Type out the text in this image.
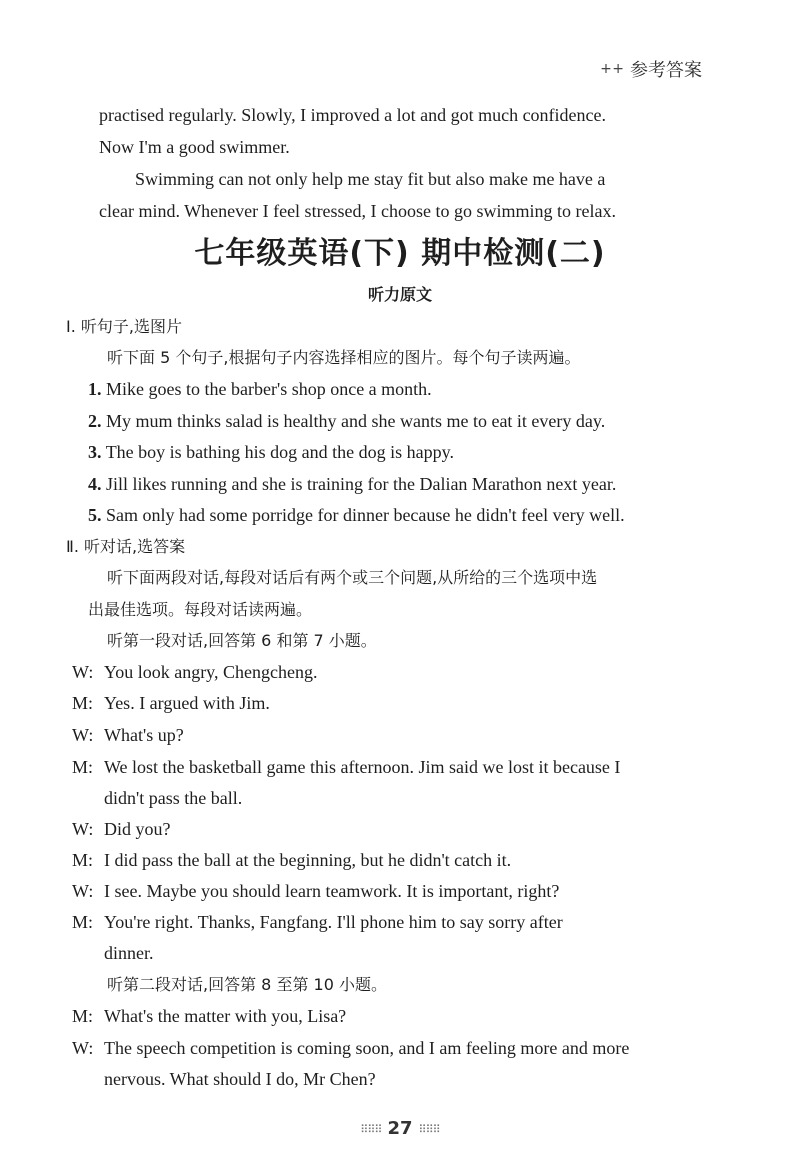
+ + 参考答案
practised regularly. Slowly, I improved a lot and got much confidence.
Now I'm a good swimmer.
Swimming can not only help me stay fit but also make me have a
clear mind. Whenever I feel stressed, I choose to go swimming to relax.
七年级英语(下) 期中检测(二)
听力原文
Ⅰ. 听句子,选图片
听下面 5 个句子,根据句子内容选择相应的图片。每个句子读两遍。
1. Mike goes to the barber's shop once a month.
2. My mum thinks salad is healthy and she wants me to eat it every day.
3. The boy is bathing his dog and the dog is happy.
4. Jill likes running and she is training for the Dalian Marathon next year.
5. Sam only had some porridge for dinner because he didn't feel very well.
Ⅱ. 听对话,选答案
听下面两段对话,每段对话后有两个或三个问题,从所给的三个选项中选
出最佳选项。每段对话读两遍。
听第一段对话,回答第 6 和第 7 小题。
W: You look angry, Chengcheng.
M: Yes. I argued with Jim.
W: What's up?
M: We lost the basketball game this afternoon. Jim said we lost it because I
didn't pass the ball.
W: Did you?
M: I did pass the ball at the beginning, but he didn't catch it.
W: I see. Maybe you should learn teamwork. It is important, right?
M: You're right. Thanks, Fangfang. I'll phone him to say sorry after
dinner.
听第二段对话,回答第 8 至第 10 小题。
M: What's the matter with you, Lisa?
W: The speech competition is coming soon, and I am feeling more and more
nervous. What should I do, Mr Chen?
⠿⠿⠿ 27 ⠿⠿⠿
